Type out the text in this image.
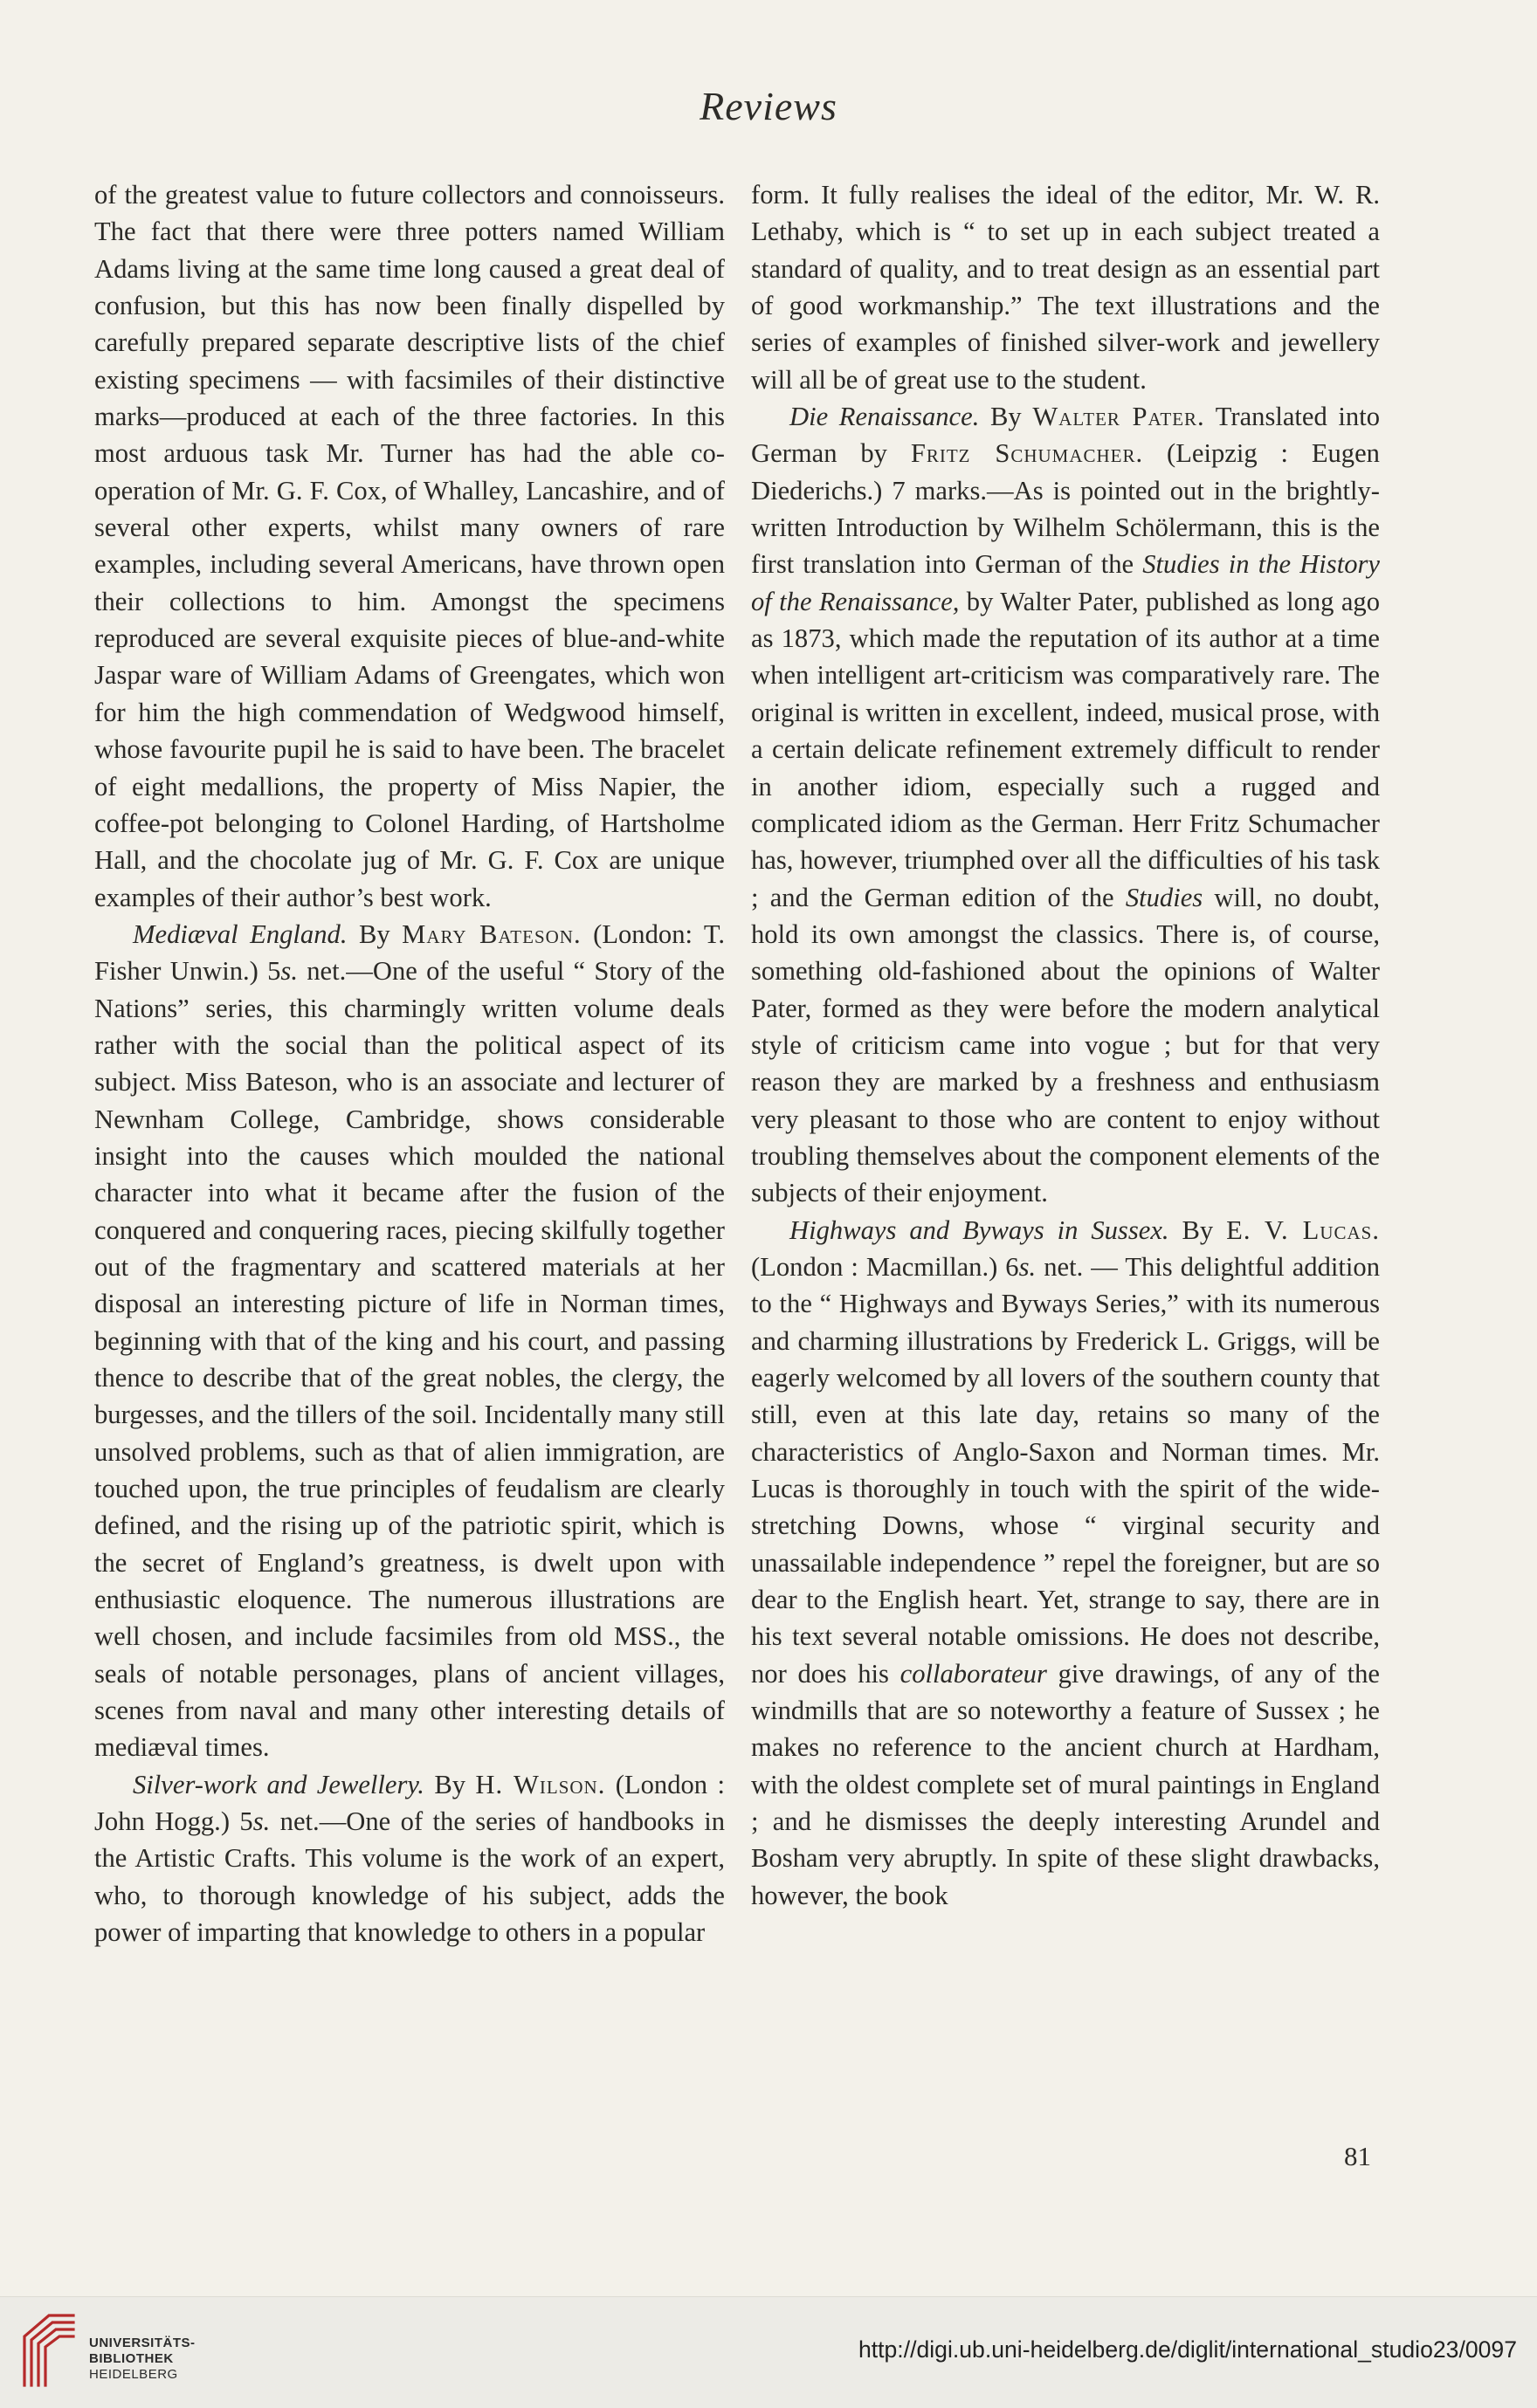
Reviews

of the greatest value to future collectors and connoisseurs. The fact that there were three potters named William Adams living at the same time long caused a great deal of confusion, but this has now been finally dispelled by carefully prepared separate descriptive lists of the chief existing specimens — with facsimiles of their distinctive marks—produced at each of the three factories. In this most arduous task Mr. Turner has had the able co-operation of Mr. G. F. Cox, of Whalley, Lancashire, and of several other experts, whilst many owners of rare examples, including several Americans, have thrown open their collections to him. Amongst the specimens reproduced are several exquisite pieces of blue-and-white Jaspar ware of William Adams of Greengates, which won for him the high commendation of Wedgwood himself, whose favourite pupil he is said to have been. The bracelet of eight medallions, the property of Miss Napier, the coffee-pot belonging to Colonel Harding, of Hartsholme Hall, and the chocolate jug of Mr. G. F. Cox are unique examples of their author’s best work.

Mediæval England. By Mary Bateson. (London: T. Fisher Unwin.) 5s. net.—One of the useful “ Story of the Nations” series, this charmingly written volume deals rather with the social than the political aspect of its subject. Miss Bateson, who is an associate and lecturer of Newnham College, Cambridge, shows considerable insight into the causes which moulded the national character into what it became after the fusion of the conquered and conquering races, piecing skilfully together out of the fragmentary and scattered materials at her disposal an interesting picture of life in Norman times, beginning with that of the king and his court, and passing thence to describe that of the great nobles, the clergy, the burgesses, and the tillers of the soil. Incidentally many still unsolved problems, such as that of alien immigration, are touched upon, the true principles of feudalism are clearly defined, and the rising up of the patriotic spirit, which is the secret of England’s greatness, is dwelt upon with enthusiastic eloquence. The numerous illustrations are well chosen, and include facsimiles from old MSS., the seals of notable personages, plans of ancient villages, scenes from naval and many other interesting details of mediæval times.

Silver-work and Jewellery. By H. Wilson. (London : John Hogg.) 5s. net.—One of the series of handbooks in the Artistic Crafts. This volume is the work of an expert, who, to thorough knowledge of his subject, adds the power of imparting that knowledge to others in a popular

form. It fully realises the ideal of the editor, Mr. W. R. Lethaby, which is “ to set up in each subject treated a standard of quality, and to treat design as an essential part of good workmanship.” The text illustrations and the series of examples of finished silver-work and jewellery will all be of great use to the student.

Die Renaissance. By Walter Pater. Translated into German by Fritz Schumacher. (Leipzig : Eugen Diederichs.) 7 marks.—As is pointed out in the brightly-written Introduction by Wilhelm Schölermann, this is the first translation into German of the Studies in the History of the Renaissance, by Walter Pater, published as long ago as 1873, which made the reputation of its author at a time when intelligent art-criticism was comparatively rare. The original is written in excellent, indeed, musical prose, with a certain delicate refinement extremely difficult to render in another idiom, especially such a rugged and complicated idiom as the German. Herr Fritz Schumacher has, however, triumphed over all the difficulties of his task ; and the German edition of the Studies will, no doubt, hold its own amongst the classics. There is, of course, something old-fashioned about the opinions of Walter Pater, formed as they were before the modern analytical style of criticism came into vogue ; but for that very reason they are marked by a freshness and enthusiasm very pleasant to those who are content to enjoy without troubling themselves about the component elements of the subjects of their enjoyment.

Highways and Byways in Sussex. By E. V. Lucas. (London : Macmillan.) 6s. net. — This delightful addition to the “ Highways and Byways Series,” with its numerous and charming illustrations by Frederick L. Griggs, will be eagerly welcomed by all lovers of the southern county that still, even at this late day, retains so many of the characteristics of Anglo-Saxon and Norman times. Mr. Lucas is thoroughly in touch with the spirit of the wide-stretching Downs, whose “ virginal security and unassailable independence ” repel the foreigner, but are so dear to the English heart. Yet, strange to say, there are in his text several notable omissions. He does not describe, nor does his collaborateur give drawings, of any of the windmills that are so noteworthy a feature of Sussex ; he makes no reference to the ancient church at Hardham, with the oldest complete set of mural paintings in England ; and he dismisses the deeply interesting Arundel and Bosham very abruptly. In spite of these slight drawbacks, however, the book

81
UNIVERSITÄTS-
BIBLIOTHEK
HEIDELBERG
http://digi.ub.uni-heidelberg.de/diglit/international_studio23/0097
